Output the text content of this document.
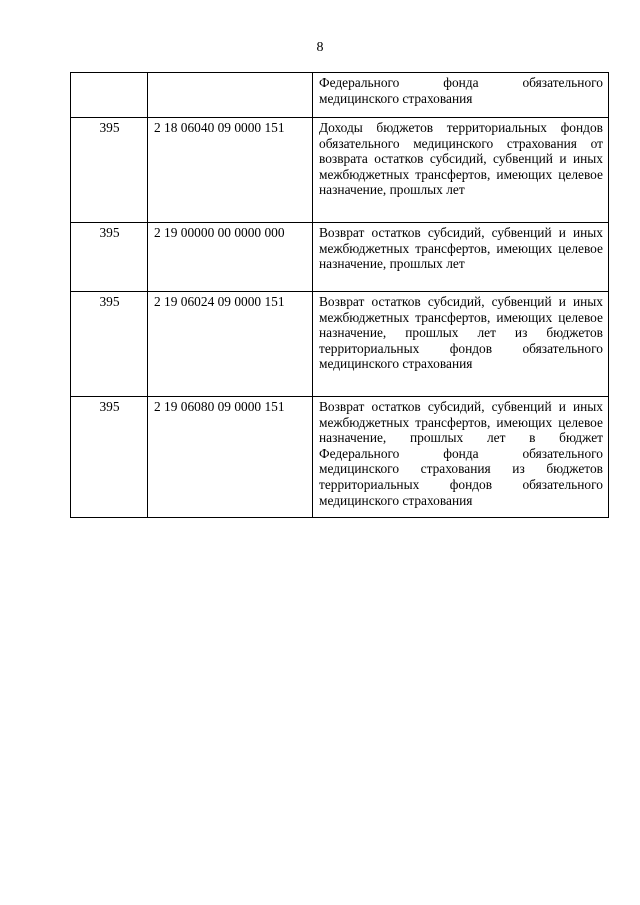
8
		Федерального фонда обязательного медицинского страхования
395	2 18 06040 09 0000 151	Доходы бюджетов территориальных фондов обязательного медицинского страхования от возврата остатков субсидий, субвенций и иных межбюджетных трансфертов, имеющих целевое назначение, прошлых лет
395	2 19 00000 00 0000 000	Возврат остатков субсидий, субвенций и иных межбюджетных трансфертов, имеющих целевое назначение, прошлых лет
395	2 19 06024 09 0000 151	Возврат остатков субсидий, субвенций и иных межбюджетных трансфертов, имеющих целевое назначение, прошлых лет из бюджетов территориальных фондов обязательного медицинского страхования
395	2 19 06080 09 0000 151	Возврат остатков субсидий, субвенций и иных межбюджетных трансфертов, имеющих целевое назначение, прошлых лет в бюджет Федерального фонда обязательного медицинского страхования из бюджетов территориальных фондов обязательного медицинского страхования
